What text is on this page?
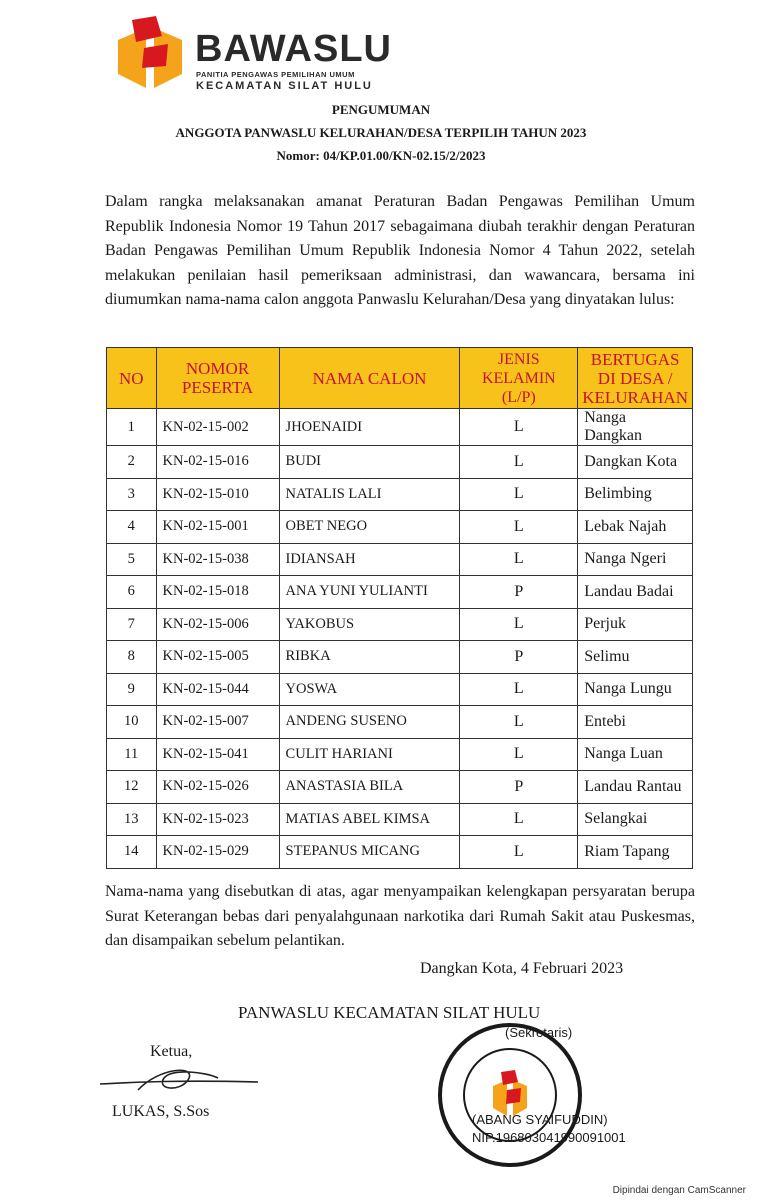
BAWASLU
PANITIA PENGAWAS PEMILIHAN UMUM
KECAMATAN SILAT HULU
PENGUMUMAN
ANGGOTA PANWASLU KELURAHAN/DESA TERPILIH TAHUN 2023
Nomor: 04/KP.01.00/KN-02.15/2/2023
Dalam rangka melaksanakan amanat Peraturan Badan Pengawas Pemilihan Umum Republik Indonesia Nomor 19 Tahun 2017 sebagaimana diubah terakhir dengan Peraturan Badan Pengawas Pemilihan Umum Republik Indonesia Nomor 4 Tahun 2022, setelah melakukan penilaian hasil pemeriksaan administrasi, dan wawancara, bersama ini diumumkan nama-nama calon anggota Panwaslu Kelurahan/Desa yang dinyatakan lulus:
NO	NOMOR PESERTA	NAMA CALON	JENIS KELAMIN (L/P)	BERTUGAS DI DESA / KELURAHAN
1	KN-02-15-002	JHOENAIDI	L	Nanga Dangkan
2	KN-02-15-016	BUDI	L	Dangkan Kota
3	KN-02-15-010	NATALIS LALI	L	Belimbing
4	KN-02-15-001	OBET NEGO	L	Lebak Najah
5	KN-02-15-038	IDIANSAH	L	Nanga Ngeri
6	KN-02-15-018	ANA YUNI YULIANTI	P	Landau Badai
7	KN-02-15-006	YAKOBUS	L	Perjuk
8	KN-02-15-005	RIBKA	P	Selimu
9	KN-02-15-044	YOSWA	L	Nanga Lungu
10	KN-02-15-007	ANDENG SUSENO	L	Entebi
11	KN-02-15-041	CULIT HARIANI	L	Nanga Luan
12	KN-02-15-026	ANASTASIA BILA	P	Landau Rantau
13	KN-02-15-023	MATIAS ABEL KIMSA	L	Selangkai
14	KN-02-15-029	STEPANUS MICANG	L	Riam Tapang
Nama-nama yang disebutkan di atas, agar menyampaikan kelengkapan persyaratan berupa Surat Keterangan bebas dari penyalahgunaan narkotika dari Rumah Sakit atau Puskesmas, dan disampaikan sebelum pelantikan.
Dangkan Kota, 4 Februari 2023
PANWASLU KECAMATAN SILAT HULU
Ketua,
LUKAS, S.Sos
(Sekretaris)
(ABANG SYAIFUDDIN)
NIP.196803041990091001
Dipindai dengan CamScanner
